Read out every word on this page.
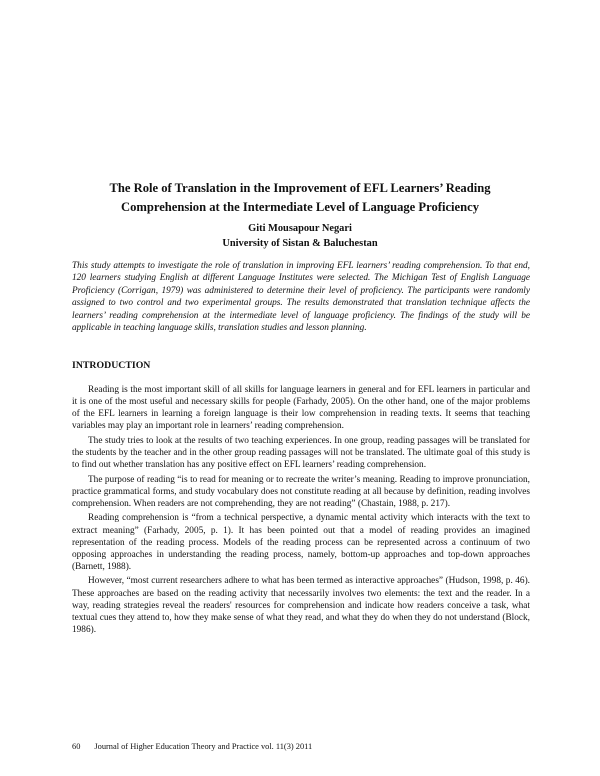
The Role of Translation in the Improvement of EFL Learners’ Reading
Comprehension at the Intermediate Level of Language Proficiency
Giti Mousapour Negari
University of Sistan & Baluchestan
This study attempts to investigate the role of translation in improving EFL learners’ reading comprehension. To that end, 120 learners studying English at different Language Institutes were selected. The Michigan Test of English Language Proficiency (Corrigan, 1979) was administered to determine their level of proficiency. The participants were randomly assigned to two control and two experimental groups. The results demonstrated that translation technique affects the learners’ reading comprehension at the intermediate level of language proficiency. The findings of the study will be applicable in teaching language skills, translation studies and lesson planning.
INTRODUCTION

Reading is the most important skill of all skills for language learners in general and for EFL learners in particular and it is one of the most useful and necessary skills for people (Farhady, 2005). On the other hand, one of the major problems of the EFL learners in learning a foreign language is their low comprehension in reading texts. It seems that teaching variables may play an important role in learners’ reading comprehension.

The study tries to look at the results of two teaching experiences. In one group, reading passages will be translated for the students by the teacher and in the other group reading passages will not be translated. The ultimate goal of this study is to find out whether translation has any positive effect on EFL learners’ reading comprehension.

The purpose of reading “is to read for meaning or to recreate the writer’s meaning. Reading to improve pronunciation, practice grammatical forms, and study vocabulary does not constitute reading at all because by definition, reading involves comprehension. When readers are not comprehending, they are not reading” (Chastain, 1988, p. 217).

Reading comprehension is “from a technical perspective, a dynamic mental activity which interacts with the text to extract meaning” (Farhady, 2005, p. 1). It has been pointed out that a model of reading provides an imagined representation of the reading process. Models of the reading process can be represented across a continuum of two opposing approaches in understanding the reading process, namely, bottom-up approaches and top-down approaches (Barnett, 1988).

However, “most current researchers adhere to what has been termed as interactive approaches” (Hudson, 1998, p. 46). These approaches are based on the reading activity that necessarily involves two elements: the text and the reader. In a way, reading strategies reveal the readers' resources for comprehension and indicate how readers conceive a task, what textual cues they attend to, how they make sense of what they read, and what they do when they do not understand (Block, 1986).

60 Journal of Higher Education Theory and Practice vol. 11(3) 2011
